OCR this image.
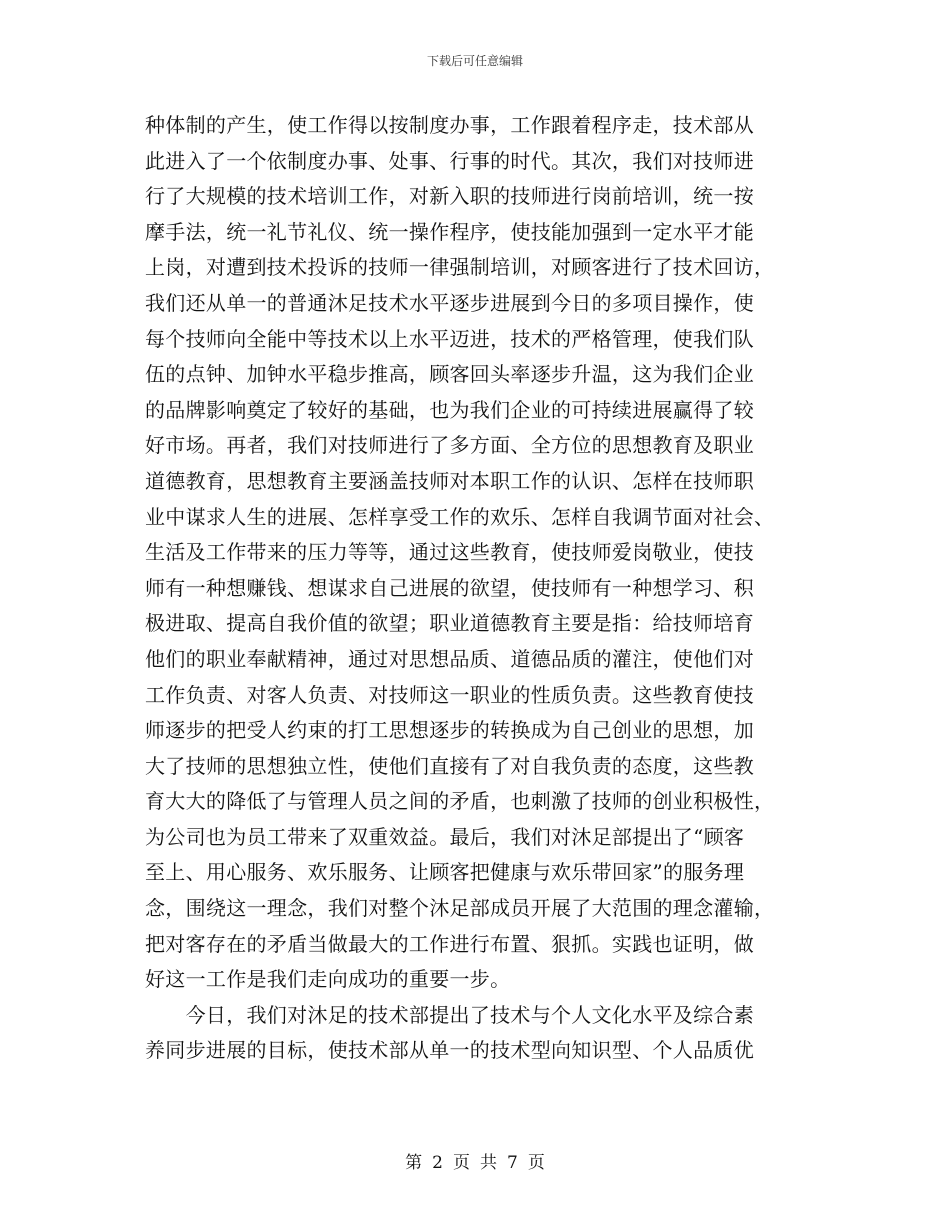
下载后可任意编辑
种体制的产生，使工作得以按制度办事，工作跟着程序走，技术部从
此进入了一个依制度办事、处事、行事的时代。其次，我们对技师进
行了大规模的技术培训工作，对新入职的技师进行岗前培训，统一按
摩手法，统一礼节礼仪、统一操作程序，使技能加强到一定水平才能
上岗，对遭到技术投诉的技师一律强制培训，对顾客进行了技术回访，
我们还从单一的普通沐足技术水平逐步进展到今日的多项目操作，使
每个技师向全能中等技术以上水平迈进，技术的严格管理，使我们队
伍的点钟、加钟水平稳步推高，顾客回头率逐步升温，这为我们企业
的品牌影响奠定了较好的基础，也为我们企业的可持续进展赢得了较
好市场。再者，我们对技师进行了多方面、全方位的思想教育及职业
道德教育，思想教育主要涵盖技师对本职工作的认识、怎样在技师职
业中谋求人生的进展、怎样享受工作的欢乐、怎样自我调节面对社会、
生活及工作带来的压力等等，通过这些教育，使技师爱岗敬业，使技
师有一种想赚钱、想谋求自己进展的欲望，使技师有一种想学习、积
极进取、提高自我价值的欲望；职业道德教育主要是指：给技师培育
他们的职业奉献精神，通过对思想品质、道德品质的灌注，使他们对
工作负责、对客人负责、对技师这一职业的性质负责。这些教育使技
师逐步的把受人约束的打工思想逐步的转换成为自己创业的思想，加
大了技师的思想独立性，使他们直接有了对自我负责的态度，这些教
育大大的降低了与管理人员之间的矛盾，也刺激了技师的创业积极性，
为公司也为员工带来了双重效益。最后，我们对沐足部提出了“顾客
至上、用心服务、欢乐服务、让顾客把健康与欢乐带回家”的服务理
念，围绕这一理念，我们对整个沐足部成员开展了大范围的理念灌输，
把对客存在的矛盾当做最大的工作进行布置、狠抓。实践也证明，做
好这一工作是我们走向成功的重要一步。
　　今日，我们对沐足的技术部提出了技术与个人文化水平及综合素
养同步进展的目标，使技术部从单一的技术型向知识型、个人品质优
第 2 页 共 7 页
